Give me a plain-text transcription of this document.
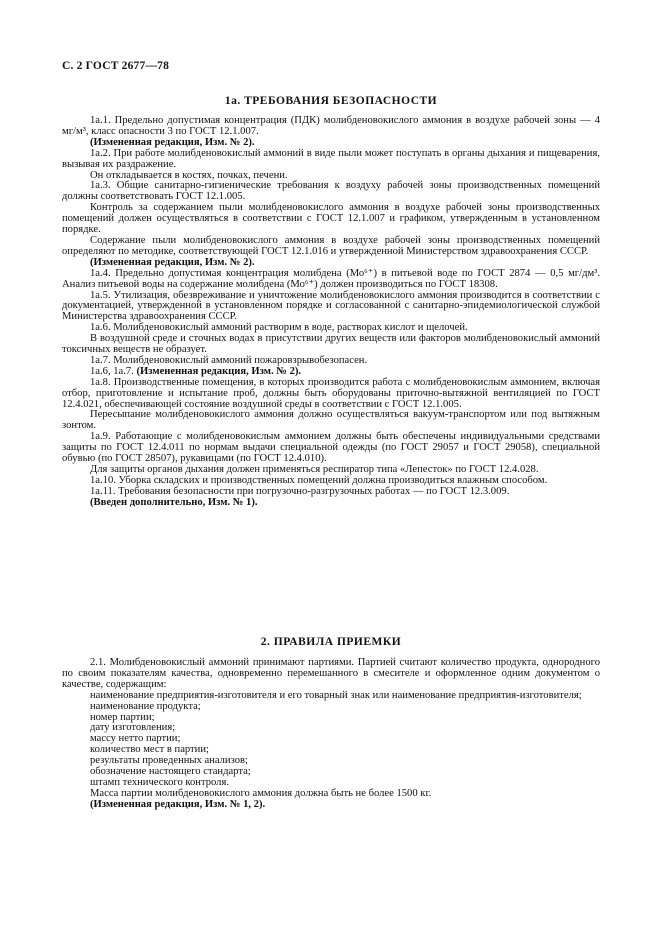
С. 2 ГОСТ 2677—78
1а. ТРЕБОВАНИЯ БЕЗОПАСНОСТИ

1а.1. Предельно допустимая концентрация (ПДК) молибденовокислого аммония в воздухе рабочей зоны — 4 мг/м³, класс опасности 3 по ГОСТ 12.1.007.

(Измененная редакция, Изм. № 2).

1а.2. При работе молибденовокислый аммоний в виде пыли может поступать в органы дыхания и пищеварения, вызывая их раздражение.

Он откладывается в костях, почках, печени.

1а.3. Общие санитарно-гигиенические требования к воздуху рабочей зоны производственных помещений должны соответствовать ГОСТ 12.1.005.

Контроль за содержанием пыли молибденовокислого аммония в воздухе рабочей зоны производственных помещений должен осуществляться в соответствии с ГОСТ 12.1.007 и графиком, утвержденным в установленном порядке.

Содержание пыли молибденовокислого аммония в воздухе рабочей зоны производственных помещений определяют по методике, соответствующей ГОСТ 12.1.016 и утвержденной Министерством здравоохранения СССР.

(Измененная редакция, Изм. № 2).

1а.4. Предельно допустимая концентрация молибдена (Мо⁶⁺) в питьевой воде по ГОСТ 2874 — 0,5 мг/дм³. Анализ питьевой воды на содержание молибдена (Мо⁶⁺) должен производиться по ГОСТ 18308.

1а.5. Утилизация, обезвреживание и уничтожение молибденовокислого аммония производится в соответствии с документацией, утвержденной в установленном порядке и согласованной с санитарно-эпидемиологической службой Министерства здравоохранения СССР.

1а.6. Молибденовокислый аммоний растворим в воде, растворах кислот и щелочей.

В воздушной среде и сточных водах в присутствии других веществ или факторов молибденовокислый аммоний токсичных веществ не образует.

1а.7. Молибденовокислый аммоний пожаровзрывобезопасен.

1а.6, 1а.7. (Измененная редакция, Изм. № 2).

1а.8. Производственные помещения, в которых производится работа с молибденовокислым аммонием, включая отбор, приготовление и испытание проб, должны быть оборудованы приточно-вытяжной вентиляцией по ГОСТ 12.4.021, обеспечивающей состояние воздушной среды в соответствии с ГОСТ 12.1.005.

Пересыпание молибденовокислого аммония должно осуществляться вакуум-транспортом или под вытяжным зонтом.

1а.9. Работающие с молибденовокислым аммонием должны быть обеспечены индивидуальными средствами защиты по ГОСТ 12.4.011 по нормам выдачи специальной одежды (по ГОСТ 29057 и ГОСТ 29058), специальной обувью (по ГОСТ 28507), рукавицами (по ГОСТ 12.4.010).

Для защиты органов дыхания должен применяться респиратор типа «Лепесток» по ГОСТ 12.4.028.

1а.10. Уборка складских и производственных помещений должна производиться влажным способом.

1а.11. Требования безопасности при погрузочно-разгрузочных работах — по ГОСТ 12.3.009.

(Введен дополнительно, Изм. № 1).

2. ПРАВИЛА ПРИЕМКИ

2.1. Молибденовокислый аммоний принимают партиями. Партией считают количество продукта, однородного по своим показателям качества, одновременно перемешанного в смесителе и оформленное одним документом о качестве, содержащим:

наименование предприятия-изготовителя и его товарный знак или наименование предприятия-изготовителя;

наименование продукта;

номер партии;

дату изготовления;

массу нетто партии;

количество мест в партии;

результаты проведенных анализов;

обозначение настоящего стандарта;

штамп технического контроля.

Масса партии молибденовокислого аммония должна быть не более 1500 кг.

(Измененная редакция, Изм. № 1, 2).
